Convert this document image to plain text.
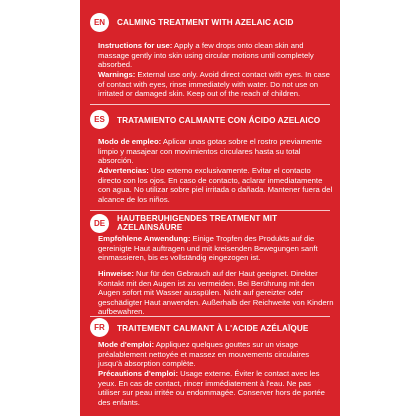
EN	CALMING TREATMENT WITH AZELAIC ACID
Instructions for use: Apply a few drops onto clean skin and massage gently into skin using circular motions until completely absorbed.
Warnings: External use only. Avoid direct contact with eyes. In case of contact with eyes, rinse immediately with water. Do not use on irritated or damaged skin. Keep out of the reach of children.
ES	TRATAMIENTO CALMANTE CON ÁCIDO AZELAICO
Modo de empleo: Aplicar unas gotas sobre el rostro previamente limpio y masajear con movimientos circulares hasta su total absorción.
Advertencias: Uso externo exclusivamente. Evitar el contacto directo con los ojos. En caso de contacto, aclarar inmediatamente con agua. No utilizar sobre piel irritada o dañada. Mantener fuera del alcance de los niños.
DE
HAUTBERUHIGENDES TREATMENT MIT AZELAINSÄURE
Empfohlene Anwendung: Einige Tropfen des Produkts auf die gereinigte Haut auftragen und mit kreisenden Bewegungen sanft einmassieren, bis es vollständig eingezogen ist.
Hinweise: Nur für den Gebrauch auf der Haut geeignet. Direkter Kontakt mit den Augen ist zu vermeiden. Bei Berührung mit den Augen sofort mit Wasser ausspülen. Nicht auf gereizter oder geschädigter Haut anwenden. Außerhalb der Reichweite von Kindern aufbewahren.
FR	TRAITEMENT CALMANT À L'ACIDE AZÉLAÏQUE
Mode d'emploi: Appliquez quelques gouttes sur un visage préalablement nettoyée et massez en mouvements circulaires jusqu'à absorption complète.
Précautions d'emploi: Usage externe. Éviter le contact avec les yeux. En cas de contact, rincer immédiatement à l'eau. Ne pas utiliser sur peau irritée ou endommagée. Conserver hors de portée des enfants.
